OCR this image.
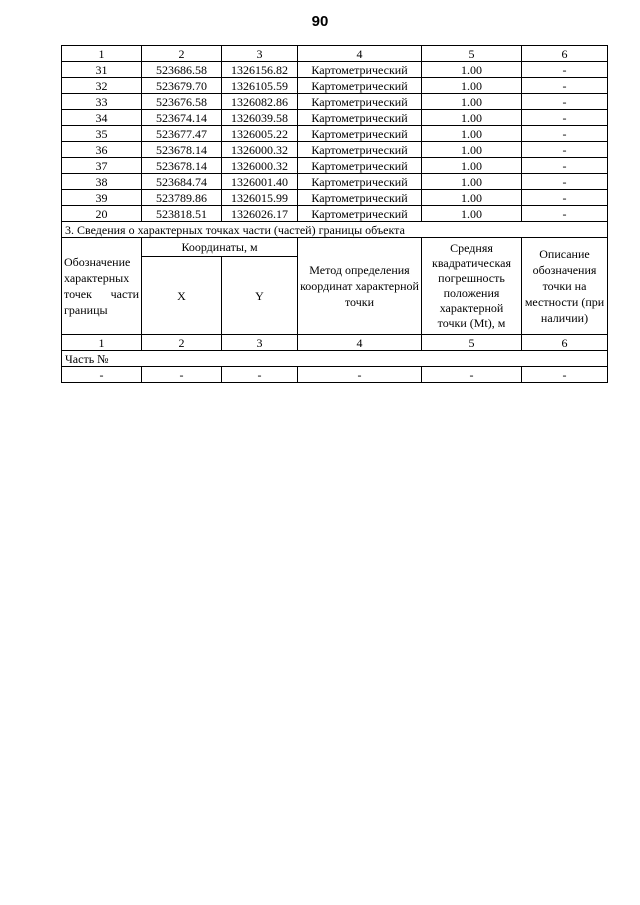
90
1	2	3	4	5	6
31	523686.58	1326156.82	Картометрический	1.00	-
32	523679.70	1326105.59	Картометрический	1.00	-
33	523676.58	1326082.86	Картометрический	1.00	-
34	523674.14	1326039.58	Картометрический	1.00	-
35	523677.47	1326005.22	Картометрический	1.00	-
36	523678.14	1326000.32	Картометрический	1.00	-
37	523678.14	1326000.32	Картометрический	1.00	-
38	523684.74	1326001.40	Картометрический	1.00	-
39	523789.86	1326015.99	Картометрический	1.00	-
20	523818.51	1326026.17	Картометрический	1.00	-
3. Сведения о характерных точках части (частей) границы объекта					
Обозначение характерных точек части границы	Координаты, м		Метод определения координат характерной точки	Средняя квадратическая погрешность положения характерной точки (Mt), м	Описание обозначения точки на местности (при наличии)
	X	Y			
1	2	3	4	5	6
Часть №					
-	-	-	-	-	-
